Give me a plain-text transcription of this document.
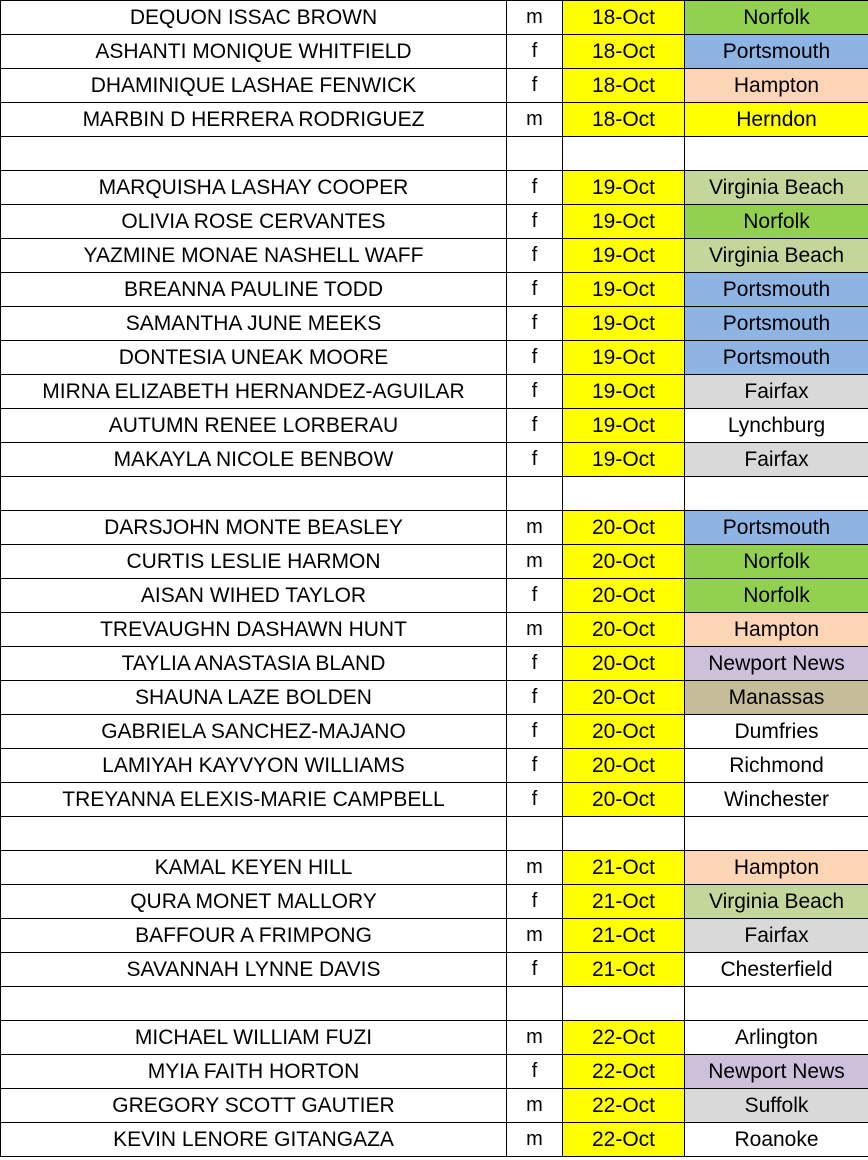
DEQUON ISSAC BROWN	m	18-Oct	Norfolk
ASHANTI MONIQUE WHITFIELD	f	18-Oct	Portsmouth
DHAMINIQUE LASHAE FENWICK	f	18-Oct	Hampton
MARBIN D HERRERA RODRIGUEZ	m	18-Oct	Herndon

MARQUISHA LASHAY COOPER	f	19-Oct	Virginia Beach
OLIVIA ROSE CERVANTES	f	19-Oct	Norfolk
YAZMINE MONAE NASHELL WAFF	f	19-Oct	Virginia Beach
BREANNA PAULINE TODD	f	19-Oct	Portsmouth
SAMANTHA JUNE MEEKS	f	19-Oct	Portsmouth
DONTESIA UNEAK MOORE	f	19-Oct	Portsmouth
MIRNA ELIZABETH HERNANDEZ-AGUILAR	f	19-Oct	Fairfax
AUTUMN RENEE LORBERAU	f	19-Oct	Lynchburg
MAKAYLA NICOLE BENBOW	f	19-Oct	Fairfax

DARSJOHN MONTE BEASLEY	m	20-Oct	Portsmouth
CURTIS LESLIE HARMON	m	20-Oct	Norfolk
AISAN WIHED TAYLOR	f	20-Oct	Norfolk
TREVAUGHN DASHAWN HUNT	m	20-Oct	Hampton
TAYLIA ANASTASIA BLAND	f	20-Oct	Newport News
SHAUNA LAZE BOLDEN	f	20-Oct	Manassas
GABRIELA SANCHEZ-MAJANO	f	20-Oct	Dumfries
LAMIYAH KAYVYON WILLIAMS	f	20-Oct	Richmond
TREYANNA ELEXIS-MARIE CAMPBELL	f	20-Oct	Winchester

KAMAL KEYEN HILL	m	21-Oct	Hampton
QURA MONET MALLORY	f	21-Oct	Virginia Beach
BAFFOUR A FRIMPONG	m	21-Oct	Fairfax
SAVANNAH LYNNE DAVIS	f	21-Oct	Chesterfield

MICHAEL WILLIAM FUZI	m	22-Oct	Arlington
MYIA FAITH HORTON	f	22-Oct	Newport News
GREGORY SCOTT GAUTIER	m	22-Oct	Suffolk
KEVIN LENORE GITANGAZA	m	22-Oct	Roanoke
